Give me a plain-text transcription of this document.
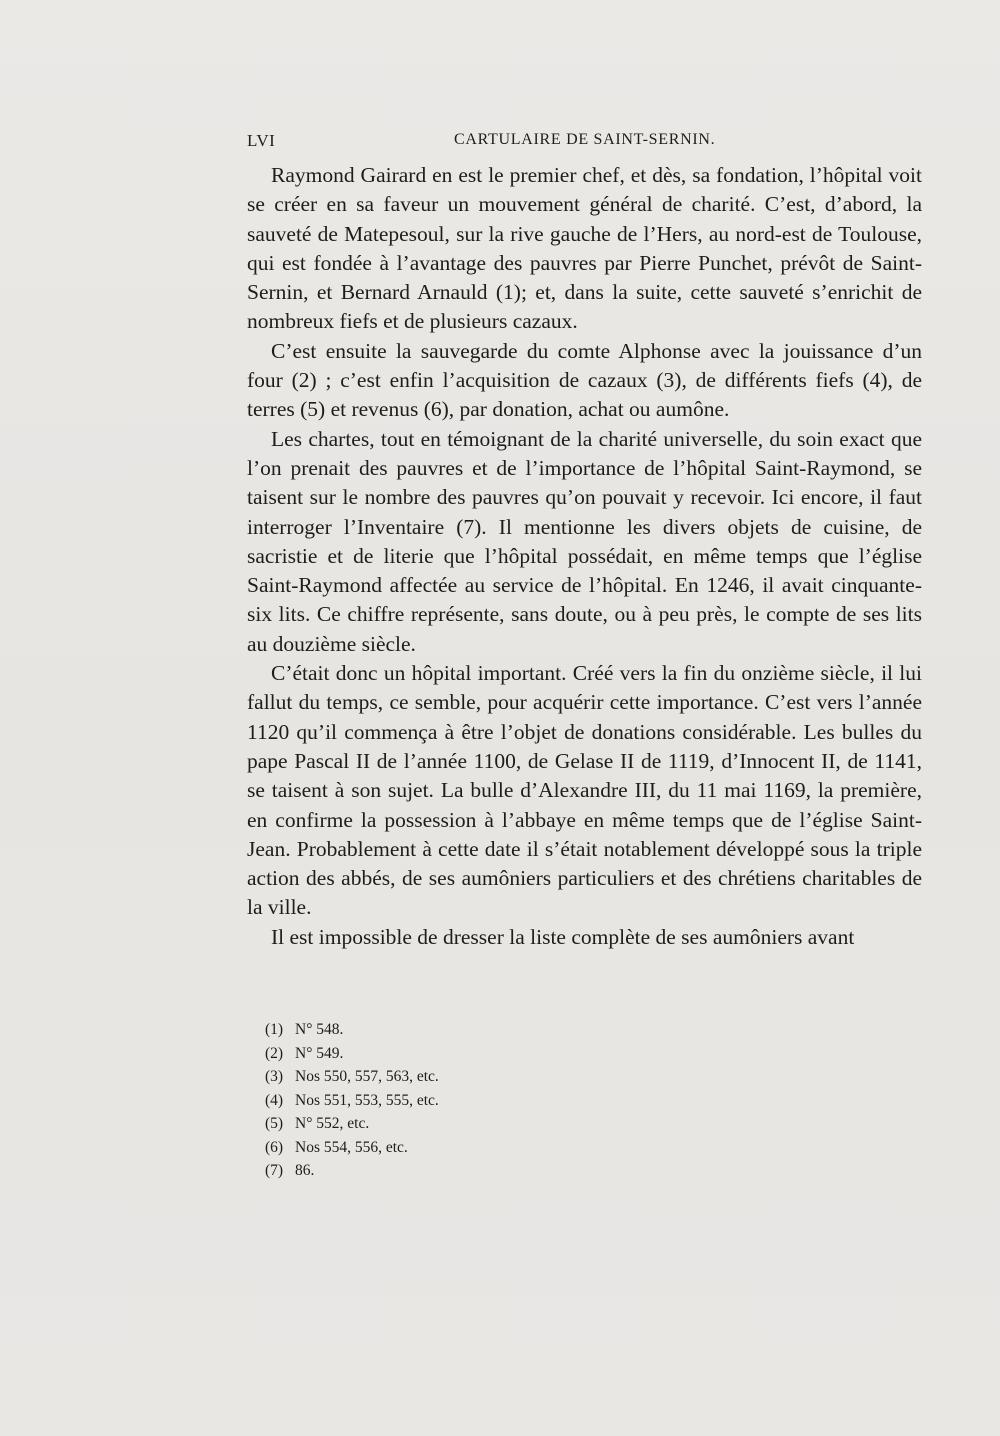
LVI	CARTULAIRE DE SAINT-SERNIN.

Raymond Gairard en est le premier chef, et dès, sa fondation, l’hôpital voit se créer en sa faveur un mouvement général de charité. C’est, d’abord, la sauveté de Matepesoul, sur la rive gauche de l’Hers, au nord-est de Toulouse, qui est fondée à l’avantage des pauvres par Pierre Punchet, prévôt de Saint-Sernin, et Bernard Arnauld (1); et, dans la suite, cette sauveté s’enrichit de nombreux fiefs et de plusieurs cazaux.

C’est ensuite la sauvegarde du comte Alphonse avec la jouissance d’un four (2) ; c’est enfin l’acquisition de cazaux (3), de différents fiefs (4), de terres (5) et revenus (6), par donation, achat ou aumône.

Les chartes, tout en témoignant de la charité universelle, du soin exact que l’on prenait des pauvres et de l’importance de l’hôpital Saint-Raymond, se taisent sur le nombre des pauvres qu’on pouvait y recevoir. Ici encore, il faut interroger l’Inventaire (7). Il mentionne les divers objets de cuisine, de sacristie et de literie que l’hôpital possédait, en même temps que l’église Saint-Raymond affectée au service de l’hôpital. En 1246, il avait cinquante-six lits. Ce chiffre représente, sans doute, ou à peu près, le compte de ses lits au douzième siècle.

C’était donc un hôpital important. Créé vers la fin du onzième siècle, il lui fallut du temps, ce semble, pour acquérir cette importance. C’est vers l’année 1120 qu’il commença à être l’objet de donations considérable. Les bulles du pape Pascal II de l’année 1100, de Gelase II de 1119, d’Innocent II, de 1141, se taisent à son sujet. La bulle d’Alexandre III, du 11 mai 1169, la première, en confirme la possession à l’abbaye en même temps que de l’église Saint-Jean. Probablement à cette date il s’était notablement développé sous la triple action des abbés, de ses aumôniers particuliers et des chrétiens charitables de la ville.

Il est impossible de dresser la liste complète de ses aumôniers avant

(1) N° 548.
(2) N° 549.
(3) Nos 550, 557, 563, etc.
(4) Nos 551, 553, 555, etc.
(5) N° 552, etc.
(6) Nos 554, 556, etc.
(7) 86.
